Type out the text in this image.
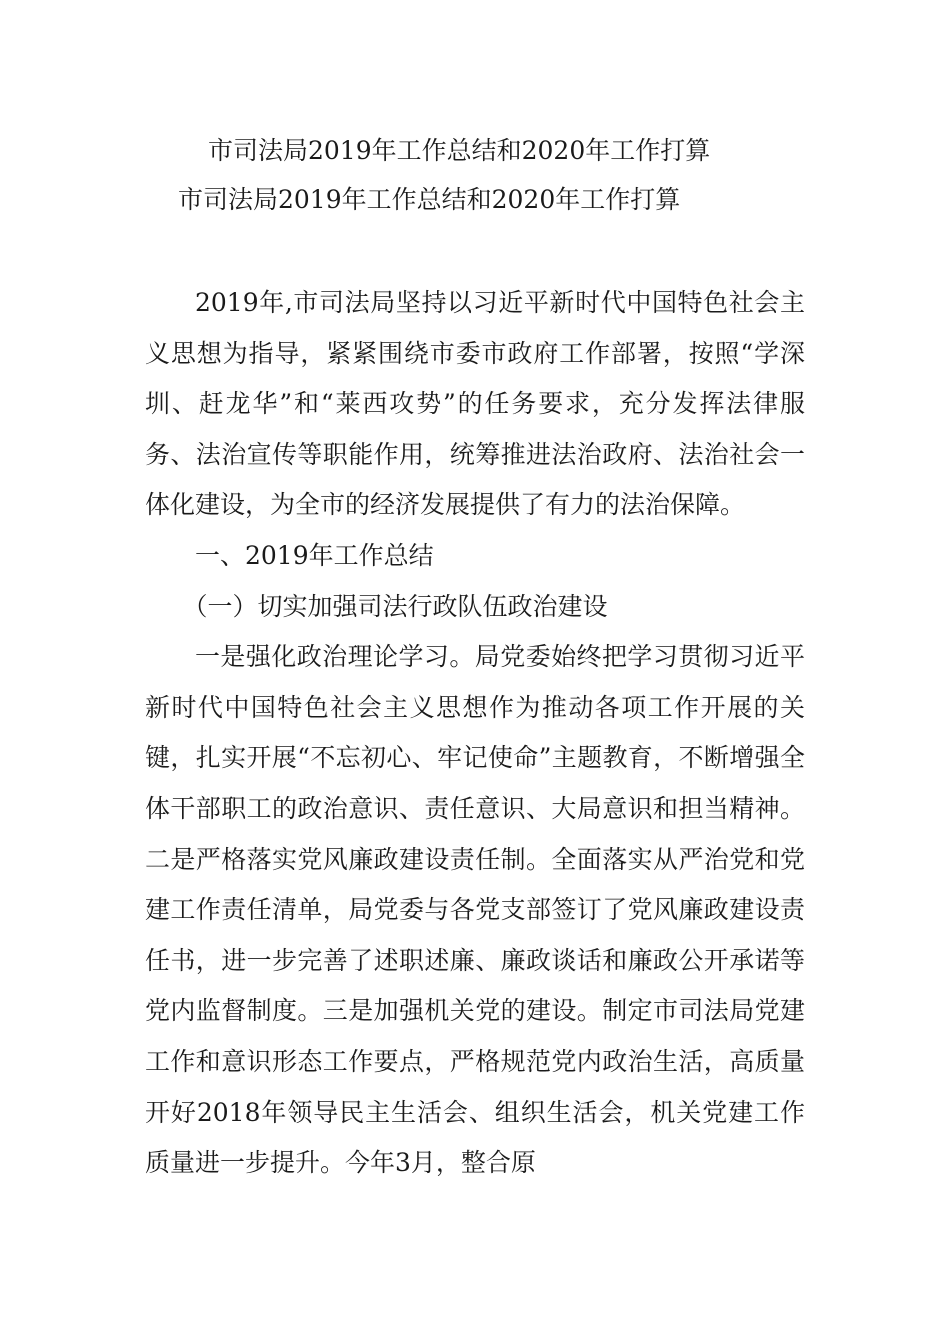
市司法局2019年工作总结和2020年工作打算
市司法局2019年工作总结和2020年工作打算

2019年,市司法局坚持以习近平新时代中国特色社会主义思想为指导，紧紧围绕市委市政府工作部署，按照“学深圳、赶龙华”和“莱西攻势”的任务要求，充分发挥法律服务、法治宣传等职能作用，统筹推进法治政府、法治社会一体化建设，为全市的经济发展提供了有力的法治保障。

一、2019年工作总结

（一）切实加强司法行政队伍政治建设

一是强化政治理论学习。局党委始终把学习贯彻习近平新时代中国特色社会主义思想作为推动各项工作开展的关键，扎实开展“不忘初心、牢记使命”主题教育，不断增强全体干部职工的政治意识、责任意识、大局意识和担当精神。二是严格落实党风廉政建设责任制。全面落实从严治党和党建工作责任清单，局党委与各党支部签订了党风廉政建设责任书，进一步完善了述职述廉、廉政谈话和廉政公开承诺等党内监督制度。三是加强机关党的建设。制定市司法局党建工作和意识形态工作要点，严格规范党内政治生活，高质量开好2018年领导民主生活会、组织生活会，机关党建工作质量进一步提升。今年3月，整合原
